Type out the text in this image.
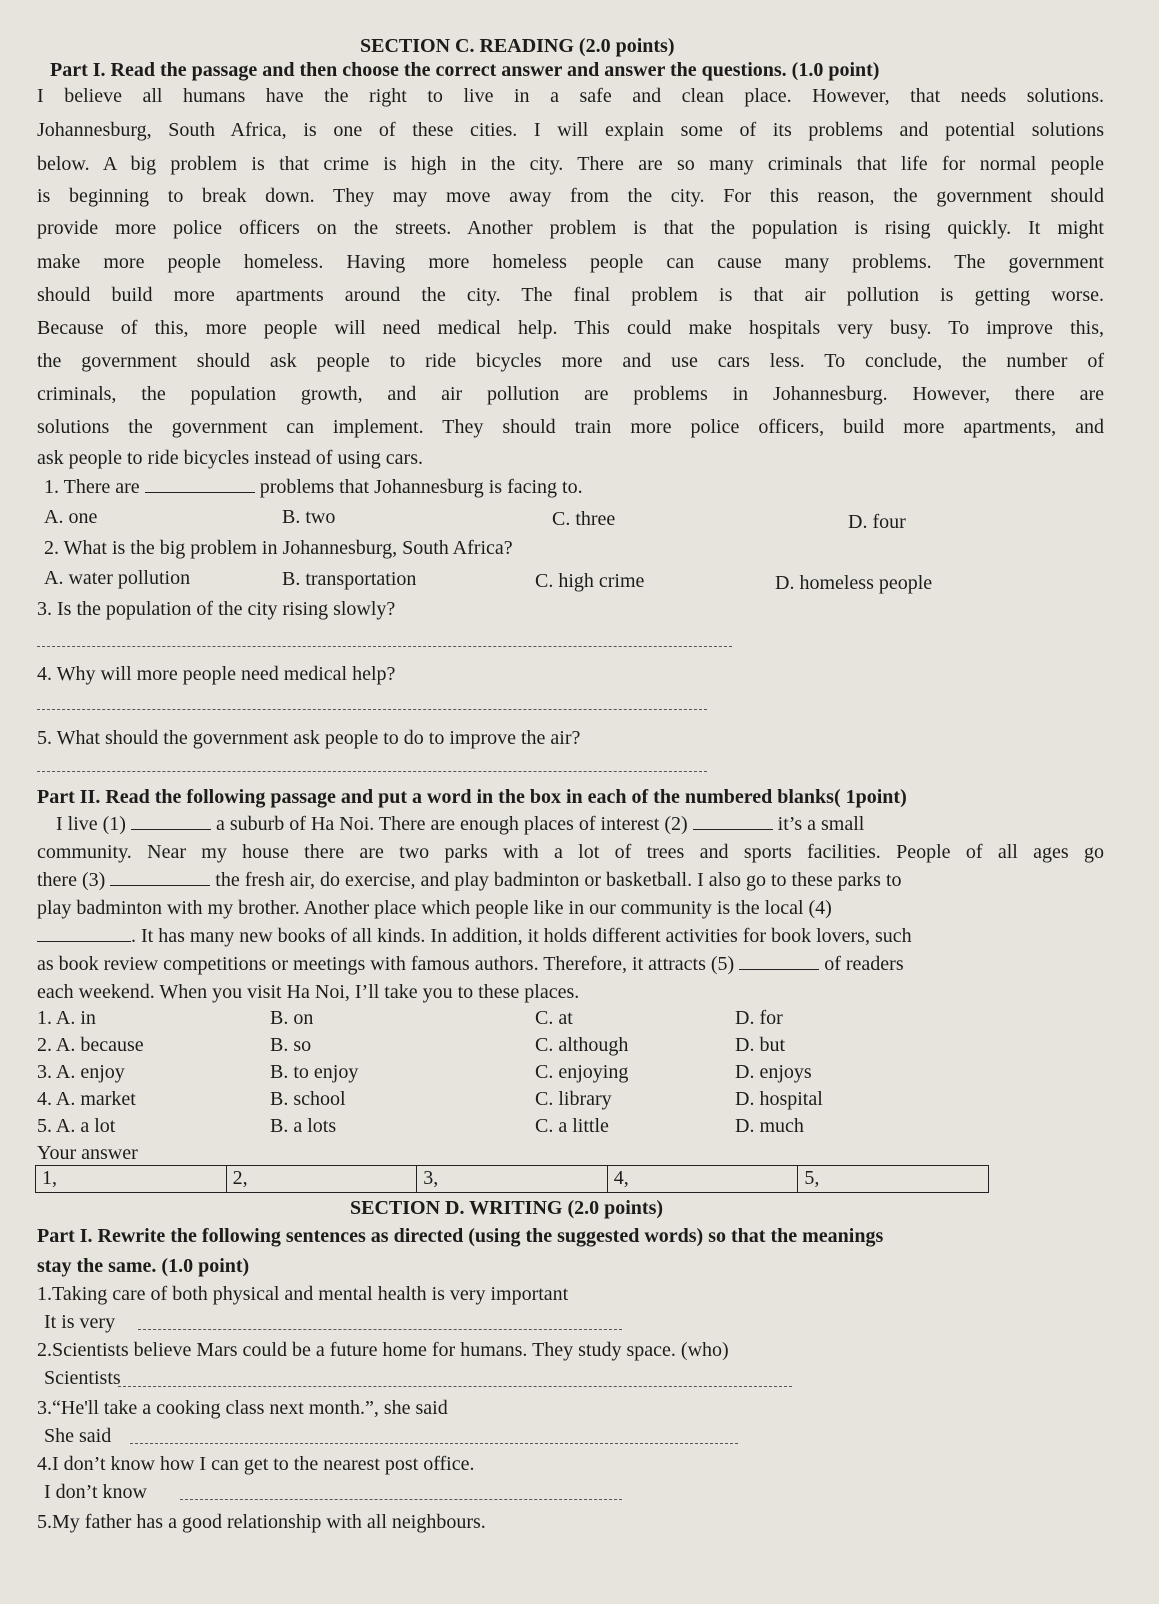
SECTION C. READING (2.0 points)
Part I. Read the passage and then choose the correct answer and answer the questions. (1.0 point)
I believe all humans have the right to live in a safe and clean place. However, that needs solutions.
Johannesburg, South Africa, is one of these cities. I will explain some of its problems and potential solutions
below. A big problem is that crime is high in the city. There are so many criminals that life for normal people
is beginning to break down. They may move away from the city. For this reason, the government should
provide more police officers on the streets. Another problem is that the population is rising quickly. It might
make more people homeless. Having more homeless people can cause many problems. The government
should build more apartments around the city. The final problem is that air pollution is getting worse.
Because of this, more people will need medical help. This could make hospitals very busy. To improve this,
the government should ask people to ride bicycles more and use cars less. To conclude, the number of
criminals, the population growth, and air pollution are problems in Johannesburg. However, there are
solutions the government can implement. They should train more police officers, build more apartments, and
ask people to ride bicycles instead of using cars.
1. There are	problems that Johannesburg is facing to.
A. one	B. two	C. three	D. four
2. What is the big problem in Johannesburg, South Africa?
A. water pollution	B. transportation	C. high crime	D. homeless people
3. Is the population of the city rising slowly?
4. Why will more people need medical help?
5. What should the government ask people to do to improve the air?
Part II. Read the following passage and put a word in the box in each of the numbered blanks( 1point)
I live (1)	a suburb of Ha Noi. There are enough places of interest (2)	it’s a small
community. Near my house there are two parks with a lot of trees and sports facilities. People of all ages go
there (3)	the fresh air, do exercise, and play badminton or basketball. I also go to these parks to
play badminton with my brother. Another place which people like in our community is the local (4)
. It has many new books of all kinds. In addition, it holds different activities for book lovers, such
as book review competitions or meetings with famous authors. Therefore, it attracts (5)	of readers
each weekend. When you visit Ha Noi, I’ll take you to these places.
1. A. in	B. on	C. at	D. for
2. A. because	B. so	C. although	D. but
3. A. enjoy	B. to enjoy	C. enjoying	D. enjoys
4. A. market	B. school	C. library	D. hospital
5. A. a lot	B. a lots	C. a little	D. much
Your answer
1,	2,	3,	4,	5,
SECTION D. WRITING (2.0 points)
Part I. Rewrite the following sentences as directed (using the suggested words) so that the meanings
stay the same. (1.0 point)
1.Taking care of both physical and mental health is very important
It is very
2.Scientists believe Mars could be a future home for humans. They study space. (who)
Scientists
3.“He'll take a cooking class next month.”, she said
She said
4.I don’t know how I can get to the nearest post office.
I don’t know
5.My father has a good relationship with all neighbours.
